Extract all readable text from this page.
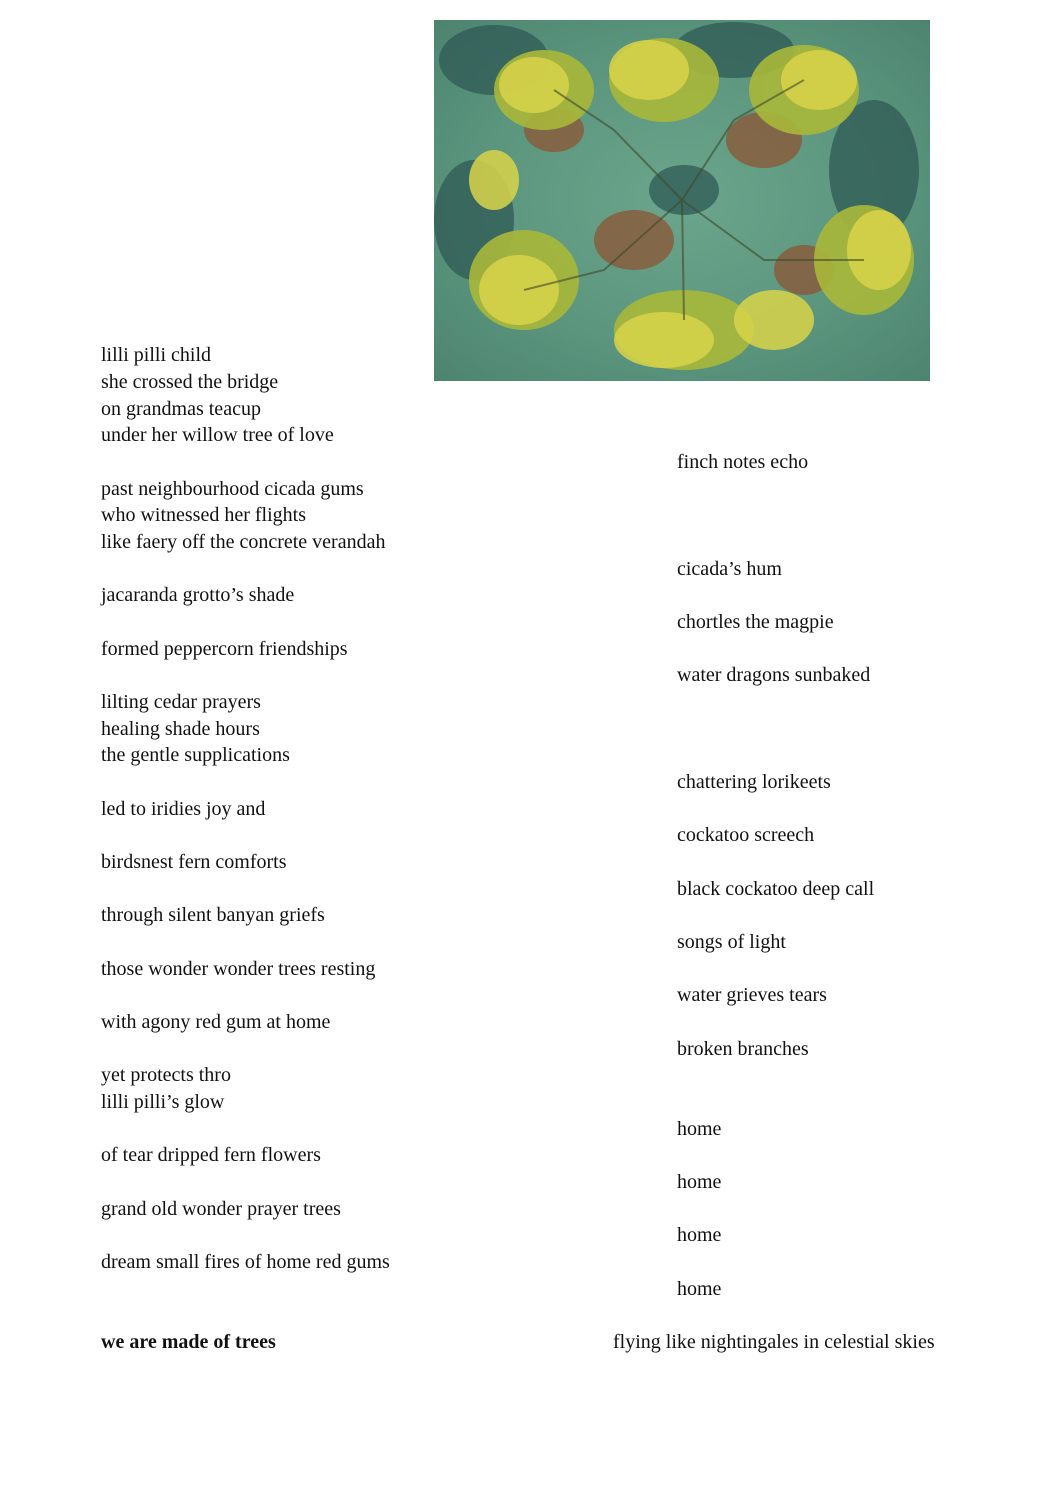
lilli pilli child

she crossed the bridge

on grandmas teacup

under her willow tree of love

past neighbourhood cicada gums

who witnessed her flights

like faery off the concrete verandah

jacaranda grotto’s shade

formed peppercorn friendships

lilting cedar prayers

healing shade hours

the gentle supplications

led to iridies joy and

birdsnest fern comforts

through silent banyan griefs

those wonder wonder trees resting

with agony red gum at home

yet protects thro

lilli pilli’s glow

of tear dripped fern flowers

grand old wonder prayer trees

dream small fires of home red gums

finch notes echo

cicada’s hum

chortles the magpie

water dragons sunbaked

chattering lorikeets

cockatoo screech

black cockatoo deep call

songs of light

water grieves tears

broken branches

home

home

home

home

we are made of trees	flying like nightingales in celestial skies
